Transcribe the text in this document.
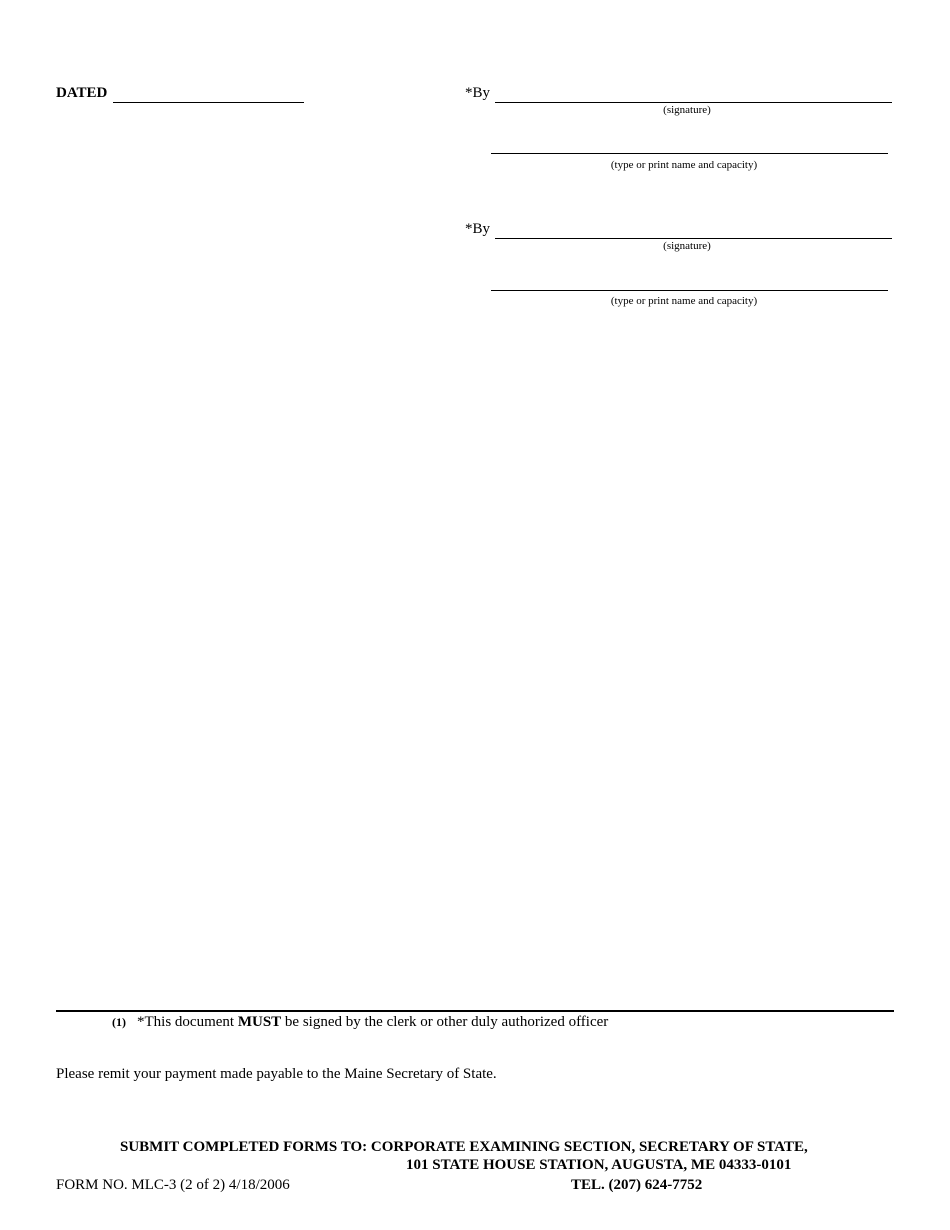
DATED	*By
(signature)
(type or print name and capacity)
*By
(signature)
(type or print name and capacity)
(1) *This document MUST be signed by the clerk or other duly authorized officer
Please remit your payment made payable to the Maine Secretary of State.
SUBMIT COMPLETED FORMS TO: CORPORATE EXAMINING SECTION, SECRETARY OF STATE,
101 STATE HOUSE STATION, AUGUSTA, ME 04333-0101
TEL. (207) 624-7752
FORM NO. MLC-3 (2 of 2) 4/18/2006
